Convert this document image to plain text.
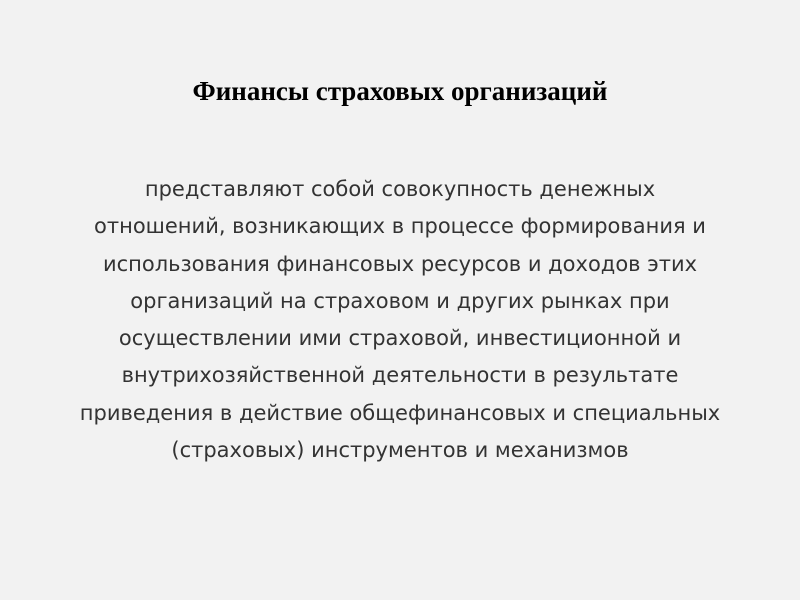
Финансы страховых организаций

представляют собой совокупность денежных
отношений, возникающих в процессе формирования и
использования финансовых ресурсов и доходов этих
организаций на страховом и других рынках при
осуществлении ими страховой, инвестиционной и
внутрихозяйственной деятельности в результате
приведения в действие общефинансовых и специальных
(страховых) инструментов и механизмов
